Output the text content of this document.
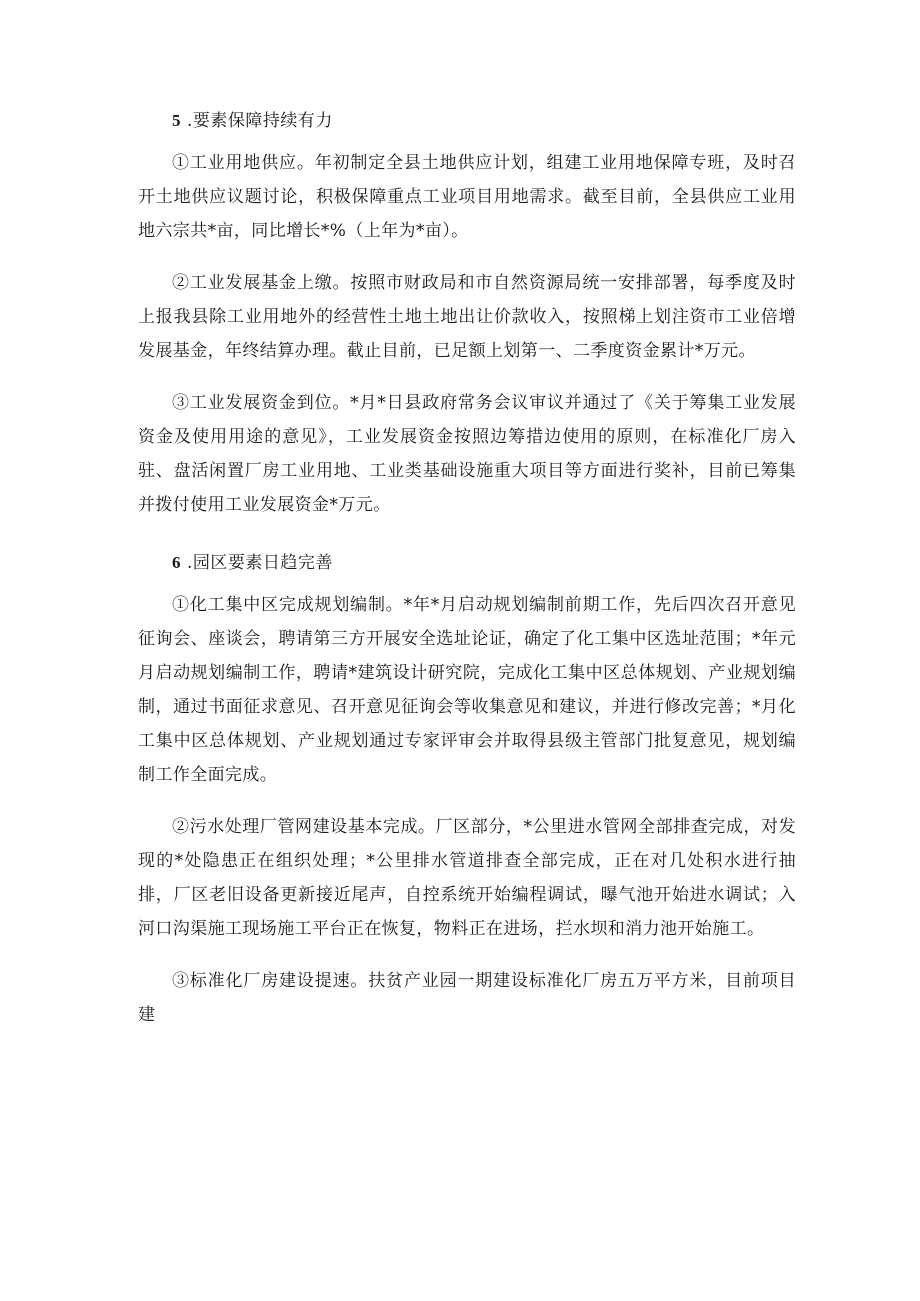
5 .要素保障持续有力

①工业用地供应。年初制定全县土地供应计划，组建工业用地保障专班，及时召开土地供应议题讨论，积极保障重点工业项目用地需求。截至目前，全县供应工业用地六宗共*亩，同比增长*%（上年为*亩）。

②工业发展基金上缴。按照市财政局和市自然资源局统一安排部署，每季度及时上报我县除工业用地外的经营性土地土地出让价款收入，按照梯上划注资市工业倍增发展基金，年终结算办理。截止目前，已足额上划第一、二季度资金累计*万元。

③工业发展资金到位。*月*日县政府常务会议审议并通过了《关于筹集工业发展资金及使用用途的意见》，工业发展资金按照边筹措边使用的原则，在标准化厂房入驻、盘活闲置厂房工业用地、工业类基础设施重大项目等方面进行奖补，目前已筹集并拨付使用工业发展资金*万元。

6 .园区要素日趋完善

①化工集中区完成规划编制。*年*月启动规划编制前期工作，先后四次召开意见征询会、座谈会，聘请第三方开展安全选址论证，确定了化工集中区选址范围；*年元月启动规划编制工作，聘请*建筑设计研究院，完成化工集中区总体规划、产业规划编制，通过书面征求意见、召开意见征询会等收集意见和建议，并进行修改完善；*月化工集中区总体规划、产业规划通过专家评审会并取得县级主管部门批复意见，规划编制工作全面完成。

②污水处理厂管网建设基本完成。厂区部分，*公里进水管网全部排查完成，对发现的*处隐患正在组织处理；*公里排水管道排查全部完成，正在对几处积水进行抽排，厂区老旧设备更新接近尾声，自控系统开始编程调试，曝气池开始进水调试；入河口沟渠施工现场施工平台正在恢复，物料正在进场，拦水坝和消力池开始施工。

③标准化厂房建设提速。扶贫产业园一期建设标准化厂房五万平方米，目前项目建
